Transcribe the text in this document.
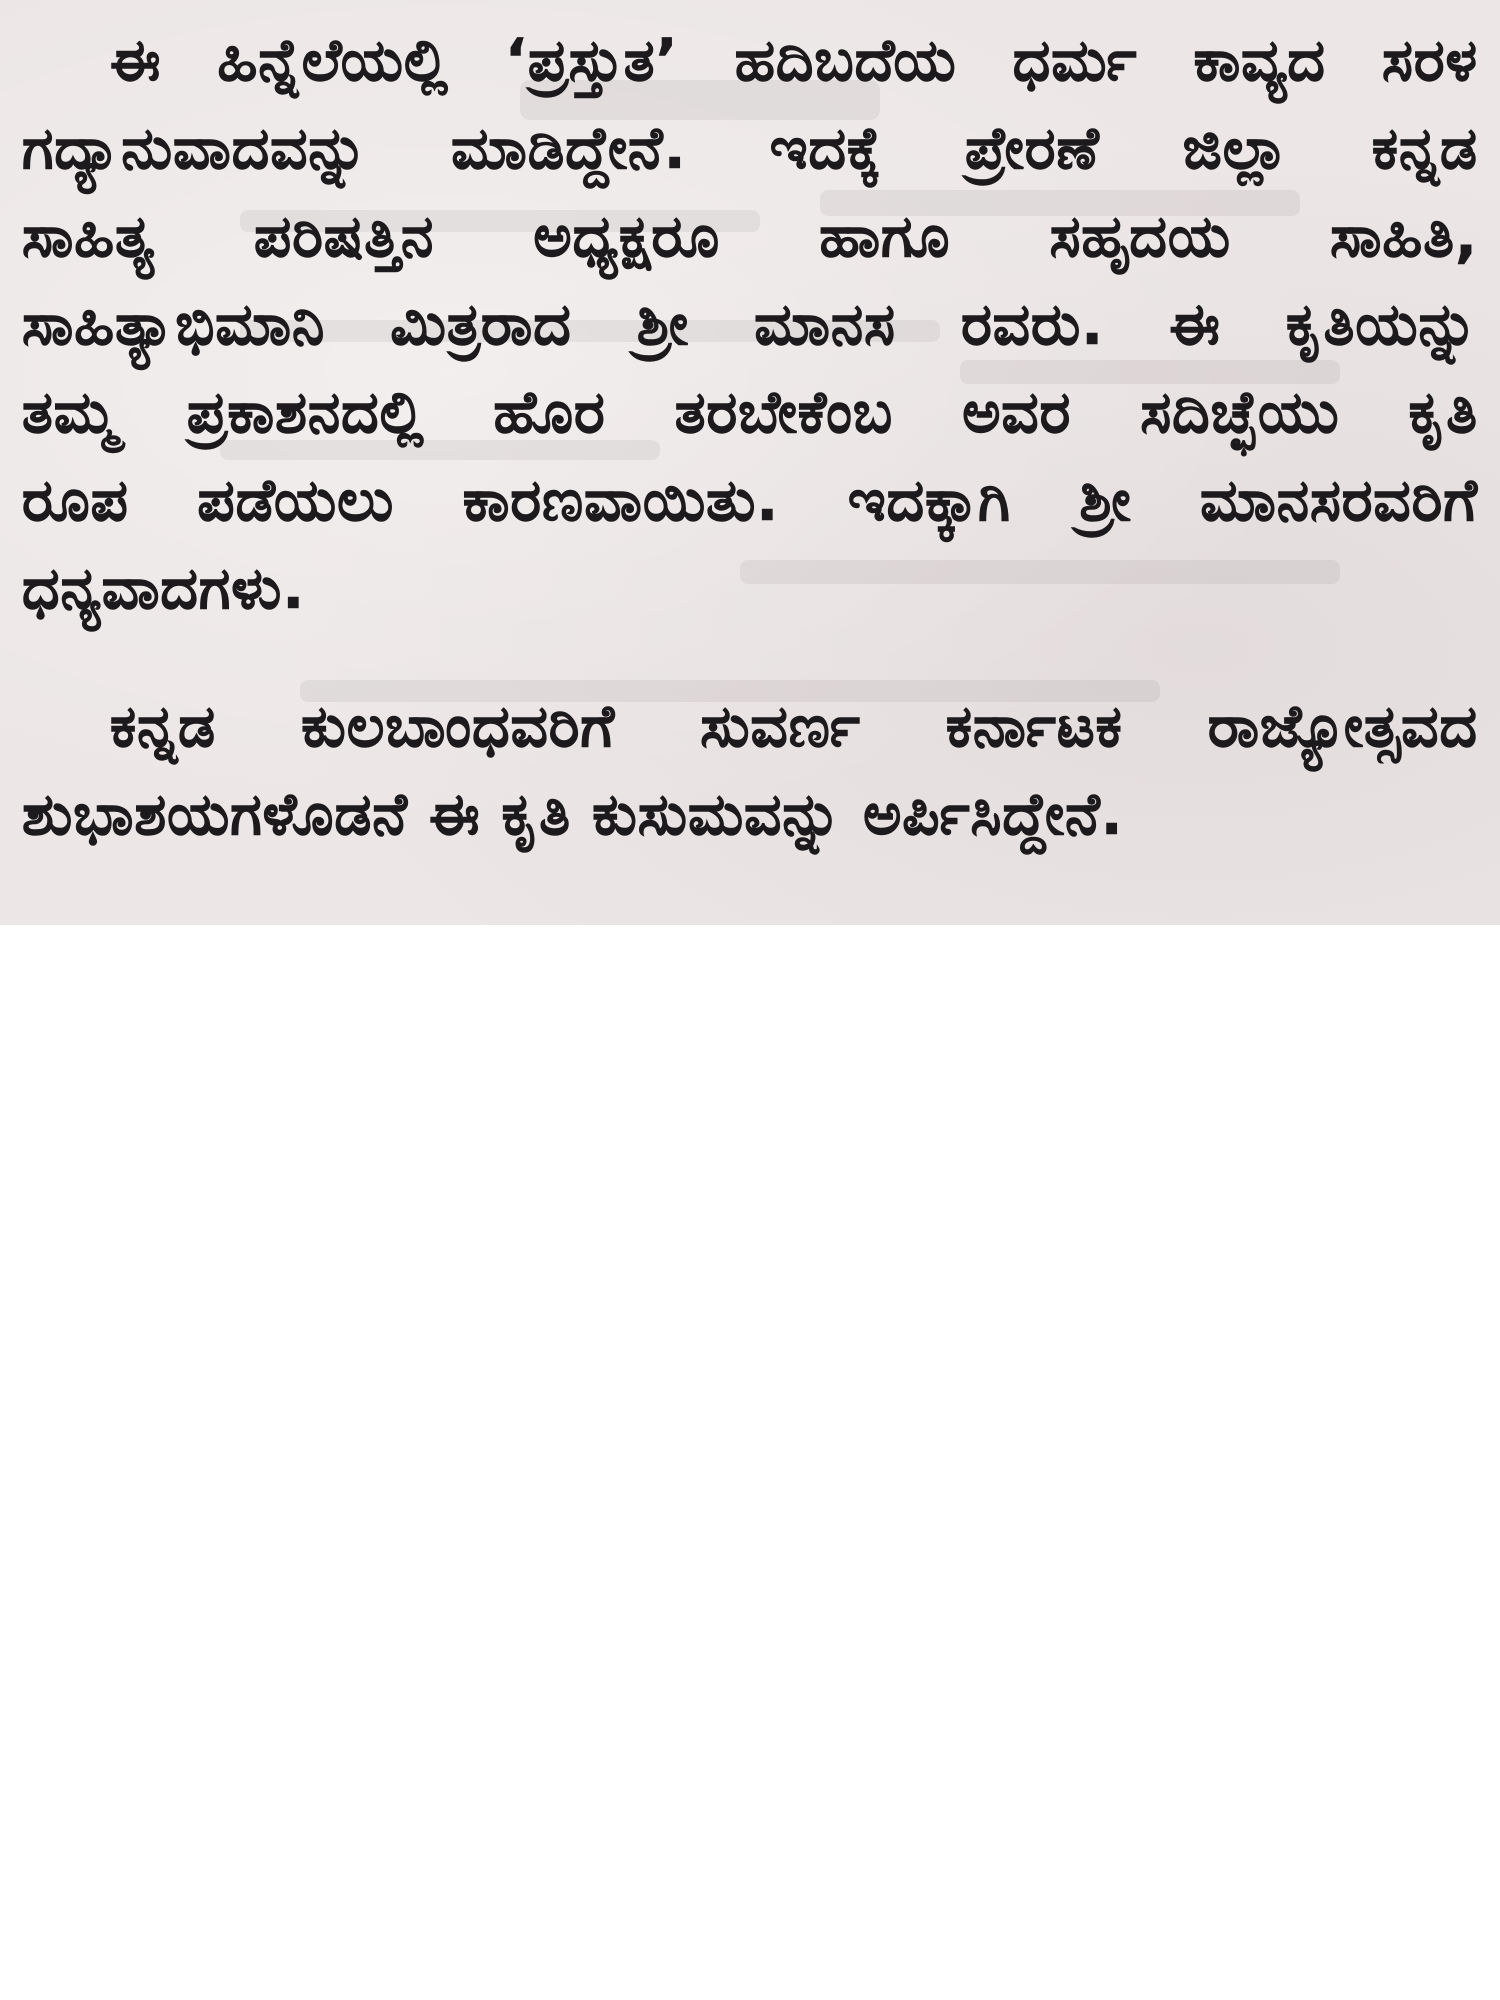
ಈ ಹಿನ್ನೆಲೆಯಲ್ಲಿ ‘ಪ್ರಸ್ತುತ’ ಹದಿಬದೆಯ ಧರ್ಮ ಕಾವ್ಯದ ಸರಳ
ಗದ್ಯಾನುವಾದವನ್ನು ಮಾಡಿದ್ದೇನೆ. ಇದಕ್ಕೆ ಪ್ರೇರಣೆ ಜಿಲ್ಲಾ ಕನ್ನಡ
ಸಾಹಿತ್ಯ ಪರಿಷತ್ತಿನ ಅಧ್ಯಕ್ಷರೂ ಹಾಗೂ ಸಹೃದಯ ಸಾಹಿತಿ,
ಸಾಹಿತ್ಯಾಭಿಮಾನಿ ಮಿತ್ರರಾದ ಶ್ರೀ ಮಾನಸ ರವರು. ಈ ಕೃತಿಯನ್ನು
ತಮ್ಮ ಪ್ರಕಾಶನದಲ್ಲಿ ಹೊರ ತರಬೇಕೆಂಬ ಅವರ ಸದಿಚ್ಛೆಯು ಕೃತಿ
ರೂಪ ಪಡೆಯಲು ಕಾರಣವಾಯಿತು. ಇದಕ್ಕಾಗಿ ಶ್ರೀ ಮಾನಸರವರಿಗೆ
ಧನ್ಯವಾದಗಳು.
ಕನ್ನಡ ಕುಲಬಾಂಧವರಿಗೆ ಸುವರ್ಣ ಕರ್ನಾಟಕ ರಾಜ್ಯೋತ್ಸವದ
ಶುಭಾಶಯಗಳೊಡನೆ ಈ ಕೃತಿ ಕುಸುಮವನ್ನು ಅರ್ಪಿಸಿದ್ದೇನೆ.
